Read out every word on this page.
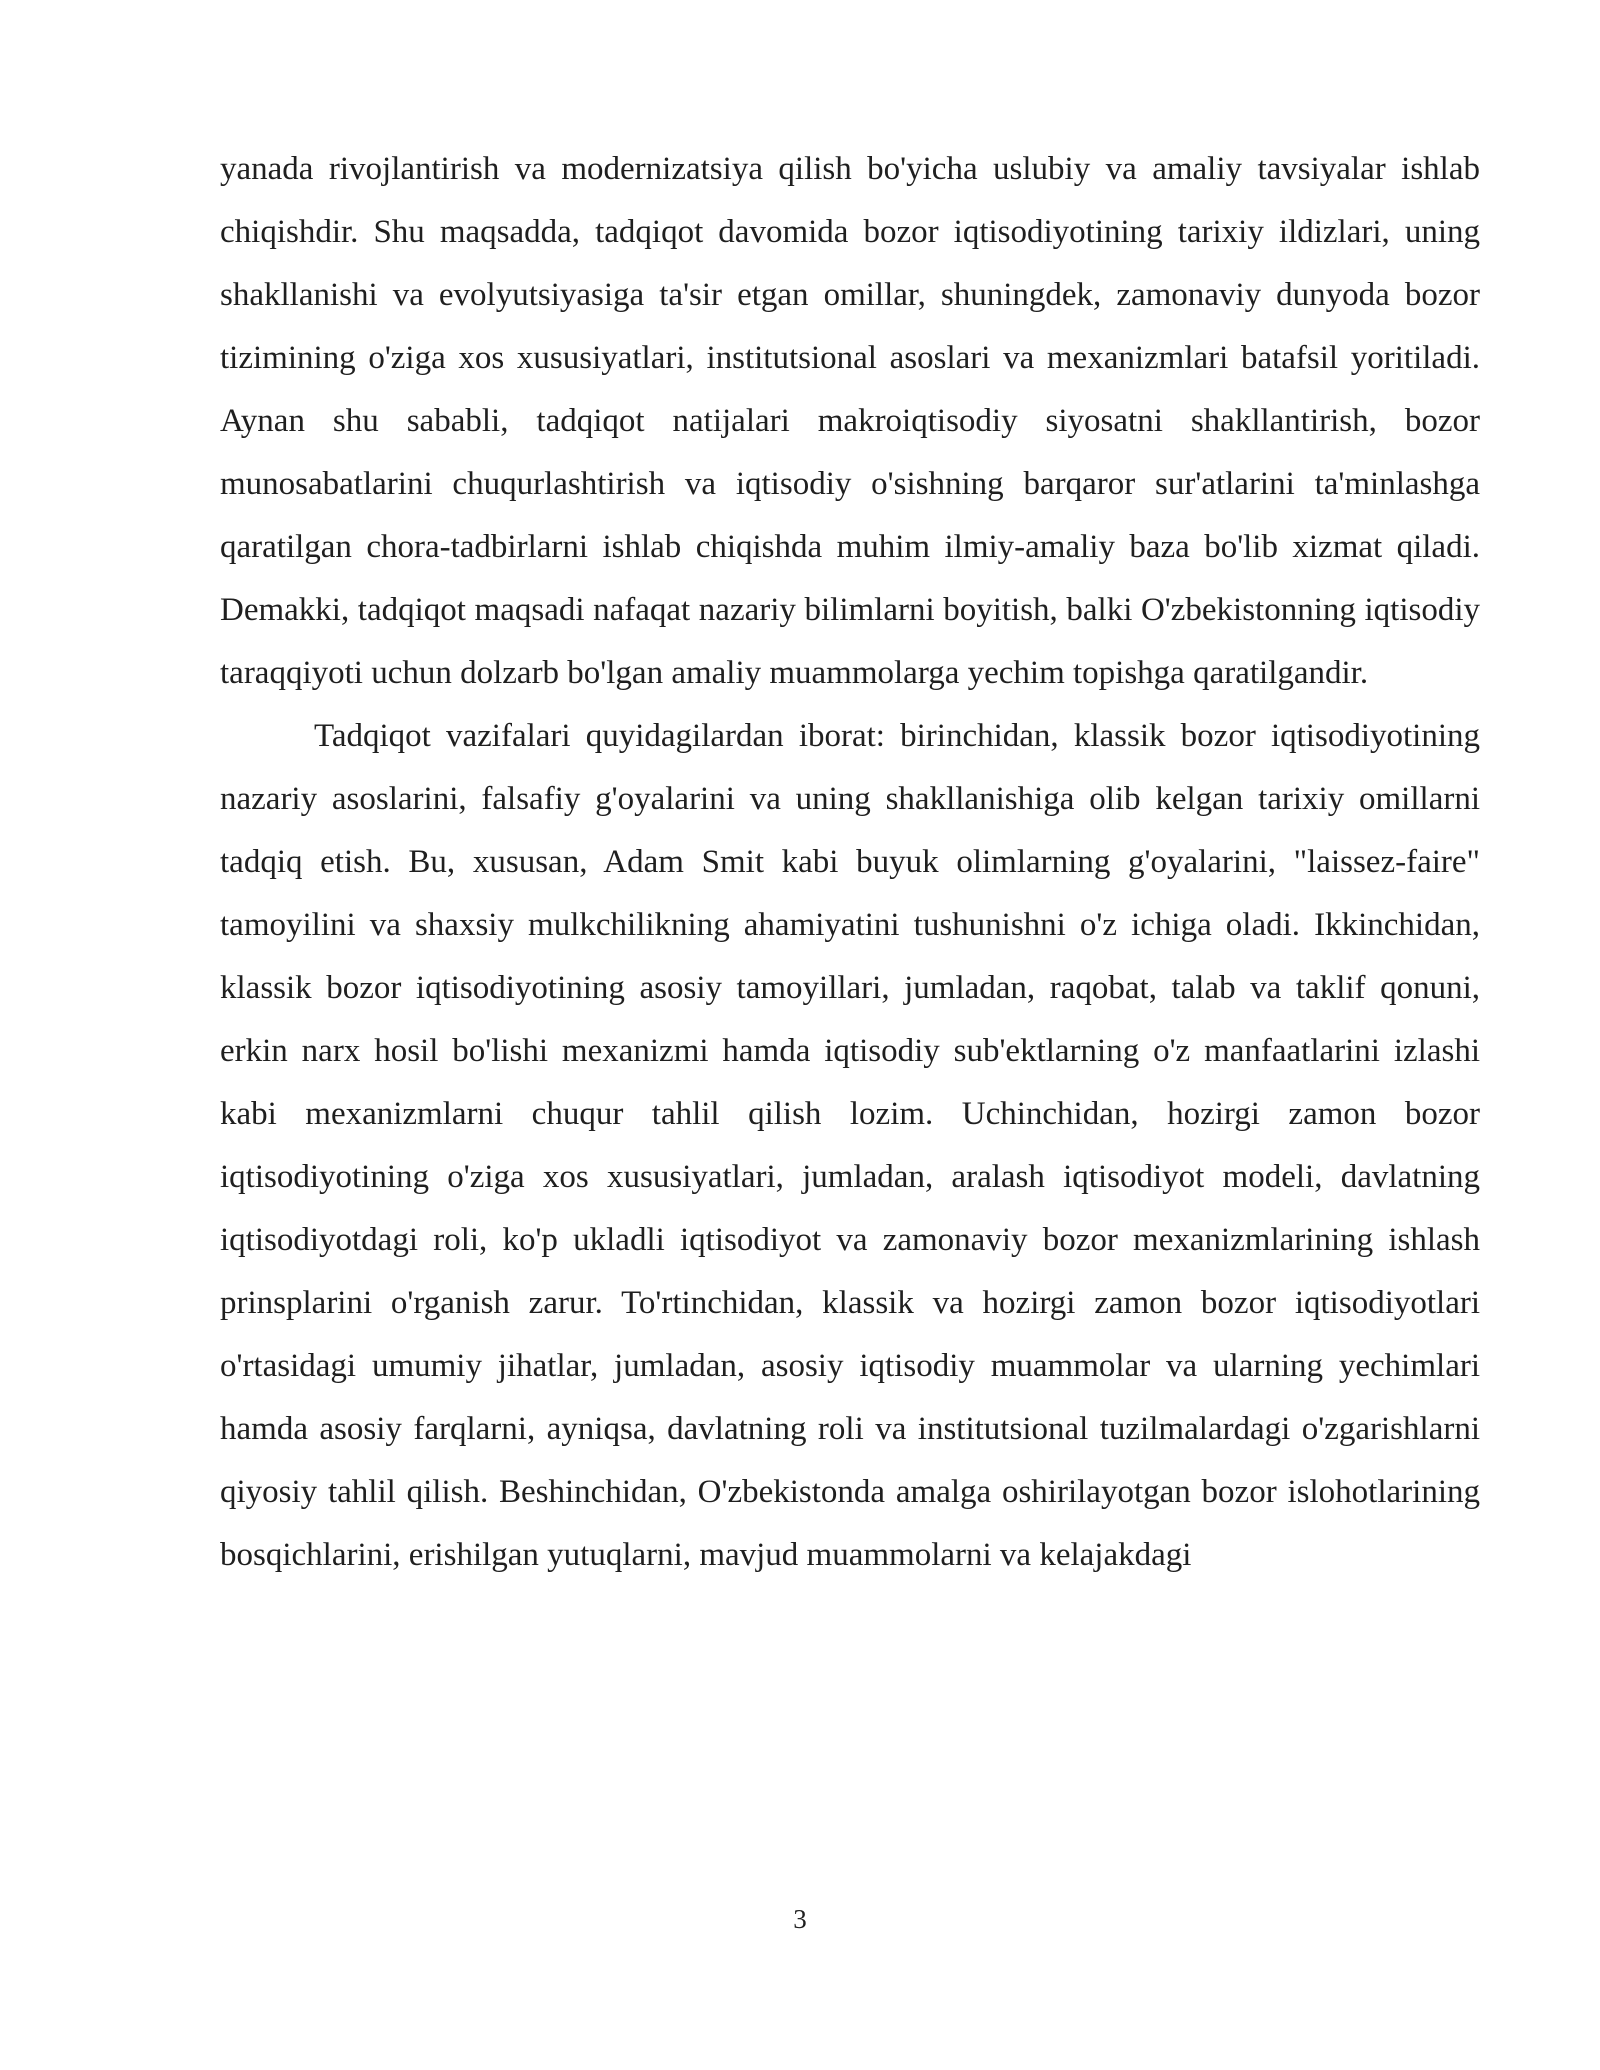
yanada rivojlantirish va modernizatsiya qilish bo'yicha uslubiy va amaliy tavsiyalar ishlab chiqishdir. Shu maqsadda, tadqiqot davomida bozor iqtisodiyotining tarixiy ildizlari, uning shakllanishi va evolyutsiyasiga ta'sir etgan omillar, shuningdek, zamonaviy dunyoda bozor tizimining o'ziga xos xususiyatlari, institutsional asoslari va mexanizmlari batafsil yoritiladi. Aynan shu sababli, tadqiqot natijalari makroiqtisodiy siyosatni shakllantirish, bozor munosabatlarini chuqurlashtirish va iqtisodiy o'sishning barqaror sur'atlarini ta'minlashga qaratilgan chora-tadbirlarni ishlab chiqishda muhim ilmiy-amaliy baza bo'lib xizmat qiladi. Demakki, tadqiqot maqsadi nafaqat nazariy bilimlarni boyitish, balki O'zbekistonning iqtisodiy taraqqiyoti uchun dolzarb bo'lgan amaliy muammolarga yechim topishga qaratilgandir.

Tadqiqot vazifalari quyidagilardan iborat: birinchidan, klassik bozor iqtisodiyotining nazariy asoslarini, falsafiy g'oyalarini va uning shakllanishiga olib kelgan tarixiy omillarni tadqiq etish. Bu, xususan, Adam Smit kabi buyuk olimlarning g'oyalarini, "laissez-faire" tamoyilini va shaxsiy mulkchilikning ahamiyatini tushunishni o'z ichiga oladi. Ikkinchidan, klassik bozor iqtisodiyotining asosiy tamoyillari, jumladan, raqobat, talab va taklif qonuni, erkin narx hosil bo'lishi mexanizmi hamda iqtisodiy sub'ektlarning o'z manfaatlarini izlashi kabi mexanizmlarni chuqur tahlil qilish lozim. Uchinchidan, hozirgi zamon bozor iqtisodiyotining o'ziga xos xususiyatlari, jumladan, aralash iqtisodiyot modeli, davlatning iqtisodiyotdagi roli, ko'p ukladli iqtisodiyot va zamonaviy bozor mexanizmlarining ishlash prinsplarini o'rganish zarur. To'rtinchidan, klassik va hozirgi zamon bozor iqtisodiyotlari o'rtasidagi umumiy jihatlar, jumladan, asosiy iqtisodiy muammolar va ularning yechimlari hamda asosiy farqlarni, ayniqsa, davlatning roli va institutsional tuzilmalardagi o'zgarishlarni qiyosiy tahlil qilish. Beshinchidan, O'zbekistonda amalga oshirilayotgan bozor islohotlarining bosqichlarini, erishilgan yutuqlarni, mavjud muammolarni va kelajakdagi

3
